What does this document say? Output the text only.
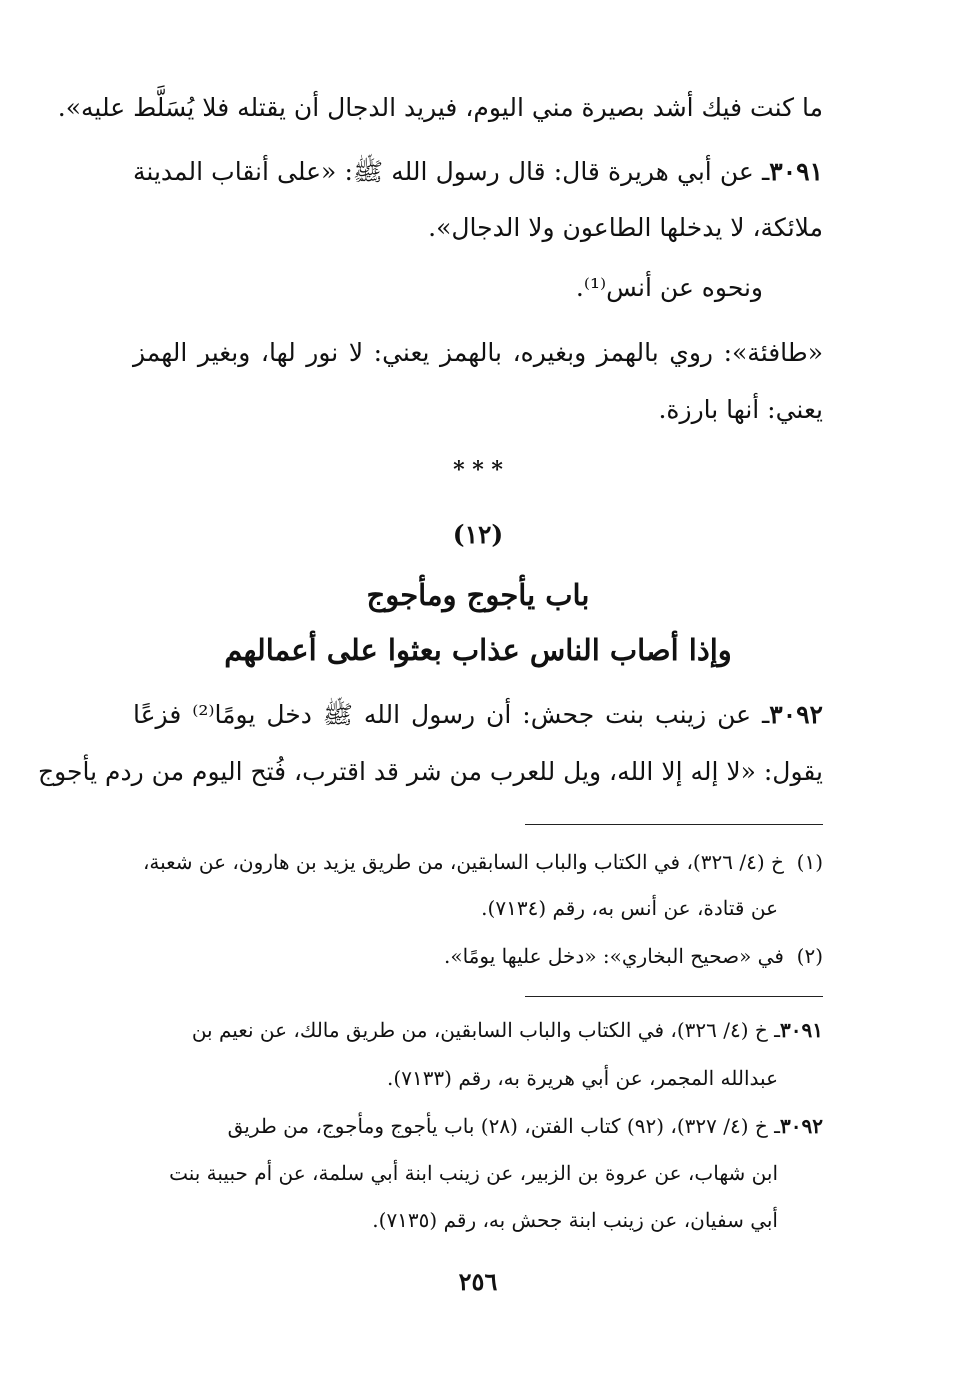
ما كنت فيك أشد بصيرة مني اليوم، فيريد الدجال أن يقتله فلا يُسَلَّط عليه».
٣٠٩١ـ عن أبي هريرة قال: قال رسول الله ﷺ: «على أنقاب المدينة
ملائكة، لا يدخلها الطاعون ولا الدجال».
ونحوه عن أنس⁽¹⁾.
«طافئة»: روي بالهمز وبغيره، بالهمز يعني: لا نور لها، وبغير الهمز
يعني: أنها بارزة.
* * *
(١٢)
باب يأجوج ومأجوج
وإذا أصاب الناس عذاب بعثوا على أعمالهم
٣٠٩٢ـ عن زينب بنت جحش: أن رسول الله ﷺ دخل يومًا⁽²⁾ فزعًا
يقول: «لا إله إلا الله، ويل للعرب من شر قد اقترب، فُتح اليوم من ردم يأجوج
(١)  خ (٤/ ٣٢٦)، في الكتاب والباب السابقين، من طريق يزيد بن هارون، عن شعبة،
عن قتادة، عن أنس به، رقم (٧١٣٤).
(٢)  في «صحيح البخاري»: «دخل عليها يومًا».
٣٠٩١ـ خ (٤/ ٣٢٦)، في الكتاب والباب السابقين، من طريق مالك، عن نعيم بن
عبدالله المجمر، عن أبي هريرة به، رقم (٧١٣٣).
٣٠٩٢ـ خ (٤/ ٣٢٧)، (٩٢) كتاب الفتن، (٢٨) باب يأجوج ومأجوج، من طريق
ابن شهاب، عن عروة بن الزبير، عن زينب ابنة أبي سلمة، عن أم حبيبة بنت
أبي سفيان، عن زينب ابنة جحش به، رقم (٧١٣٥).
٢٥٦
